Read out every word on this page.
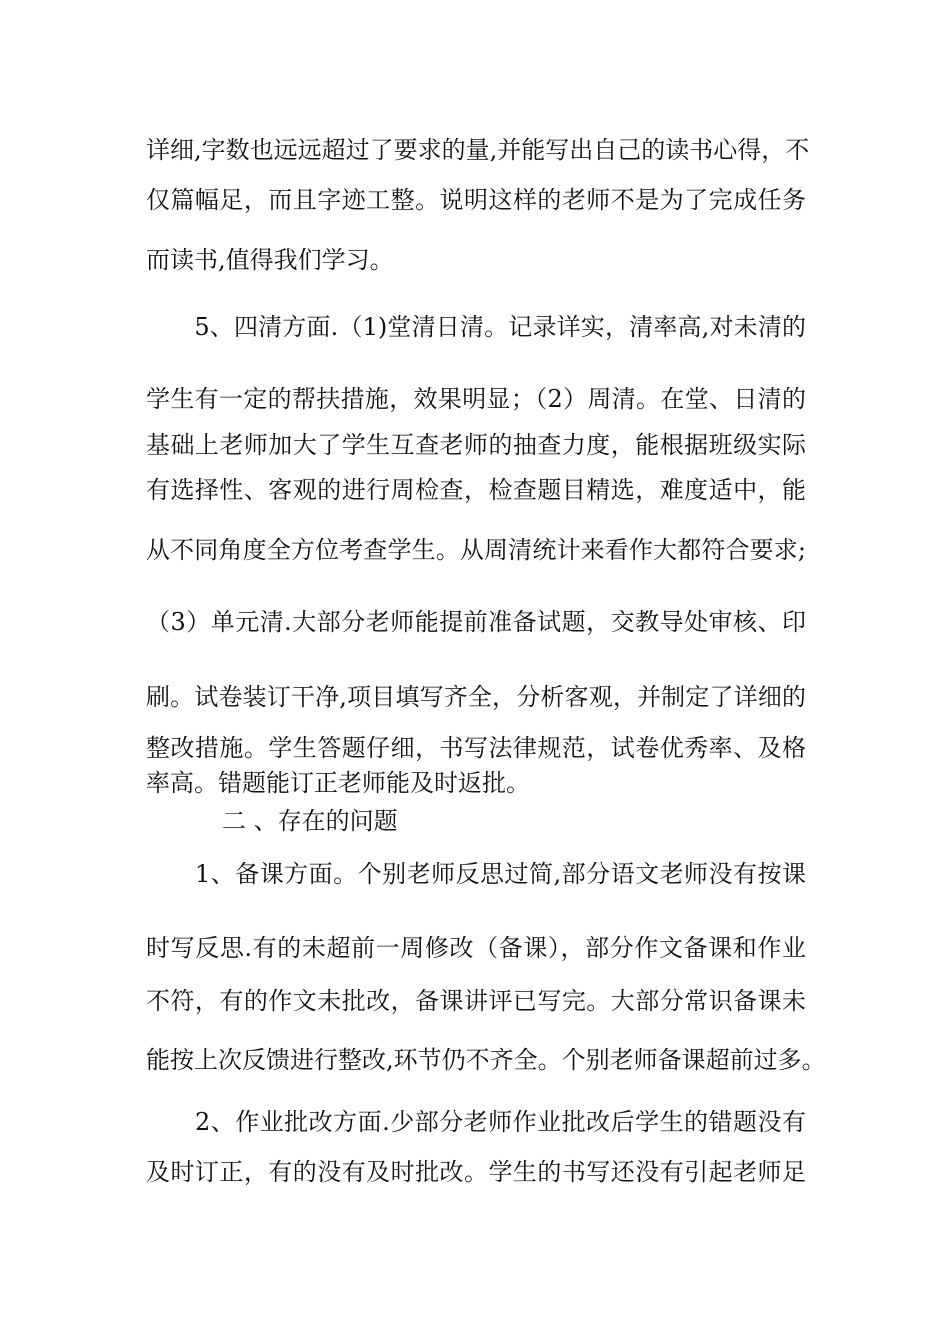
详细,字数也远远超过了要求的量,并能写出自己的读书心得，不
仅篇幅足，而且字迹工整。说明这样的老师不是为了完成任务
而读书,值得我们学习。
　　5、四清方面.（1)堂清日清。记录详实，清率高,对未清的
学生有一定的帮扶措施，效果明显；（2）周清。在堂、日清的
基础上老师加大了学生互查老师的抽查力度，能根据班级实际
有选择性、客观的进行周检查，检查题目精选，难度适中，能
从不同角度全方位考查学生。从周清统计来看作大都符合要求;
（3）单元清.大部分老师能提前准备试题，交教导处审核、印
刷。试卷装订干净,项目填写齐全，分析客观，并制定了详细的
整改措施。学生答题仔细，书写法律规范，试卷优秀率、及格
率高。错题能订正老师能及时返批。
二 、存在的问题
　　1、备课方面。个别老师反思过简,部分语文老师没有按课
时写反思.有的未超前一周修改（备课），部分作文备课和作业
不符，有的作文未批改，备课讲评已写完。大部分常识备课未
能按上次反馈进行整改,环节仍不齐全。个别老师备课超前过多。
　　2、作业批改方面.少部分老师作业批改后学生的错题没有
及时订正，有的没有及时批改。学生的书写还没有引起老师足
